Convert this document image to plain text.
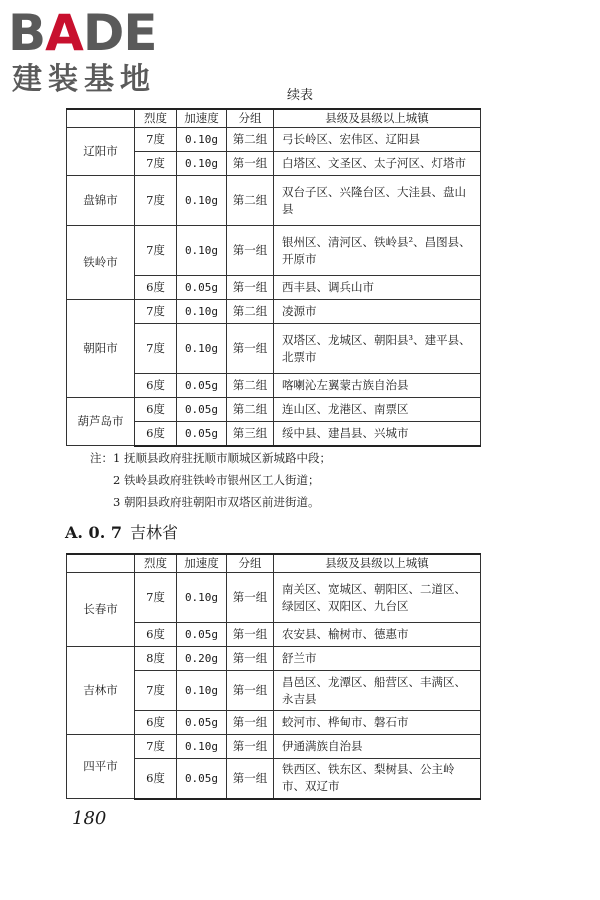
BADE
建装基地	续表
	烈度	加速度	分组	县级及县级以上城镇
辽阳市	7度	0.10g	第二组	弓长岭区、宏伟区、辽阳县
	7度	0.10g	第一组	白塔区、文圣区、太子河区、灯塔市
盘锦市	7度	0.10g	第二组	双台子区、兴隆台区、大洼县、盘山县
铁岭市	7度	0.10g	第一组	银州区、清河区、铁岭县²、昌图县、开原市
	6度	0.05g	第一组	西丰县、调兵山市
朝阳市	7度	0.10g	第二组	凌源市
	7度	0.10g	第一组	双塔区、龙城区、朝阳县³、建平县、北票市
	6度	0.05g	第二组	喀喇沁左翼蒙古族自治县
葫芦岛市	6度	0.05g	第二组	连山区、龙港区、南票区
	6度	0.05g	第三组	绥中县、建昌县、兴城市
注：1 抚顺县政府驻抚顺市顺城区新城路中段；
2 铁岭县政府驻铁岭市银州区工人街道；
3 朝阳县政府驻朝阳市双塔区前进街道。
A. 0. 7 吉林省
	烈度	加速度	分组	县级及县级以上城镇
长春市	7度	0.10g	第一组	南关区、宽城区、朝阳区、二道区、绿园区、双阳区、九台区
	6度	0.05g	第一组	农安县、榆树市、德惠市
吉林市	8度	0.20g	第一组	舒兰市
	7度	0.10g	第一组	昌邑区、龙潭区、船营区、丰满区、永吉县
	6度	0.05g	第一组	蛟河市、桦甸市、磐石市
四平市	7度	0.10g	第一组	伊通满族自治县
	6度	0.05g	第一组	铁西区、铁东区、梨树县、公主岭市、双辽市
180
